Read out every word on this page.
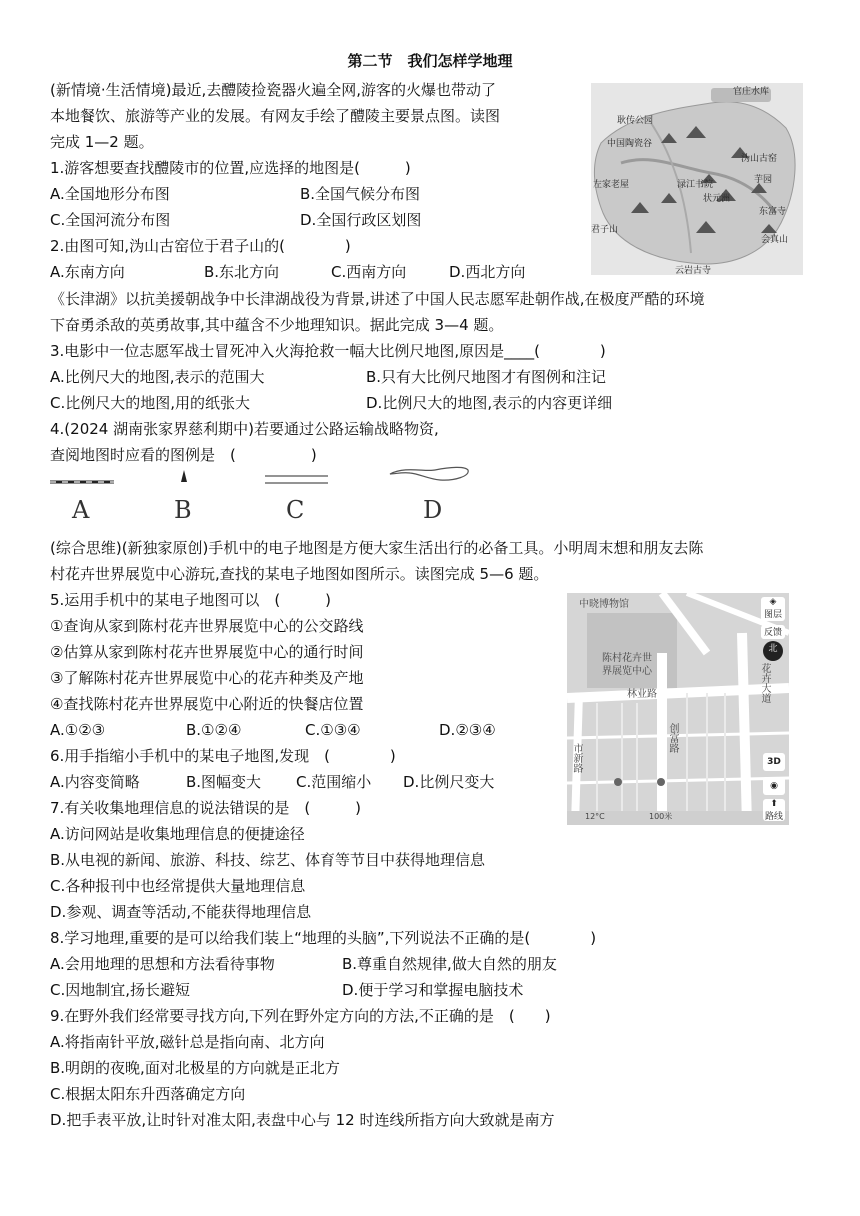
第二节　我们怎样学地理
(新情境·生活情境)最近,去醴陵捡瓷器火遍全网,游客的火爆也带动了
本地餐饮、旅游等产业的发展。有网友手绘了醴陵主要景点图。读图
完成 1—2 题。
官庄水库
耿传公园
中国陶瓷谷
沩山古窑
左家老屋	渌江书院	芋园
状元洲
东富寺
君子山
会真山
云岩古寺
1.游客想要查找醴陵市的位置,应选择的地图是(　　　)
A.全国地形分布图	B.全国气候分布图
C.全国河流分布图	D.全国行政区划图
2.由图可知,沩山古窑位于君子山的(　　　　)
A.东南方向	B.东北方向	C.西南方向	D.西北方向
《长津湖》以抗美援朝战争中长津湖战役为背景,讲述了中国人民志愿军赴朝作战,在极度严酷的环境
下奋勇杀敌的英勇故事,其中蕴含不少地理知识。据此完成 3—4 题。
3.电影中一位志愿军战士冒死冲入火海抢救一幅大比例尺地图,原因是____(　　　　)
A.比例尺大的地图,表示的范围大	B.只有大比例尺地图才有图例和注记
C.比例尺大的地图,用的纸张大	D.比例尺大的地图,表示的内容更详细
4.(2024 湖南张家界慈利期中)若要通过公路运输战略物资,
查阅地图时应看的图例是　(　　　　　)
A	B	C	D
(综合思维)(新独家原创)手机中的电子地图是方便大家生活出行的必备工具。小明周末想和朋友去陈
村花卉世界展览中心游玩,查找的某电子地图如图所示。读图完成 5—6 题。
5.运用手机中的某电子地图可以　(　　　)
①查询从家到陈村花卉世界展览中心的公交路线
②估算从家到陈村花卉世界展览中心的通行时间
③了解陈村花卉世界展览中心的花卉种类及产地
④查找陈村花卉世界展览中心附近的快餐店位置
A.①②③	B.①②④	C.①③④	D.②③④
中晓博物馆
陈村花卉世
界展览中心
林业路	花卉大道
创富路
市新路
◈
图层
反馈
北
3D
◉
⬆
路线
12°C	100米
6.用手指缩小手机中的某电子地图,发现　(　　　　)
A.内容变简略	B.图幅变大 C.范围缩小 D.比例尺变大
7.有关收集地理信息的说法错误的是　(　　　)
A.访问网站是收集地理信息的便捷途径
B.从电视的新闻、旅游、科技、综艺、体育等节目中获得地理信息
C.各种报刊中也经常提供大量地理信息
D.参观、调查等活动,不能获得地理信息
8.学习地理,重要的是可以给我们装上“地理的头脑”,下列说法不正确的是(　　　　)
A.会用地理的思想和方法看待事物	B.尊重自然规律,做大自然的朋友
C.因地制宜,扬长避短	D.便于学习和掌握电脑技术
9.在野外我们经常要寻找方向,下列在野外定方向的方法,不正确的是　(　　)
A.将指南针平放,磁针总是指向南、北方向
B.明朗的夜晚,面对北极星的方向就是正北方
C.根据太阳东升西落确定方向
D.把手表平放,让时针对准太阳,表盘中心与 12 时连线所指方向大致就是南方
